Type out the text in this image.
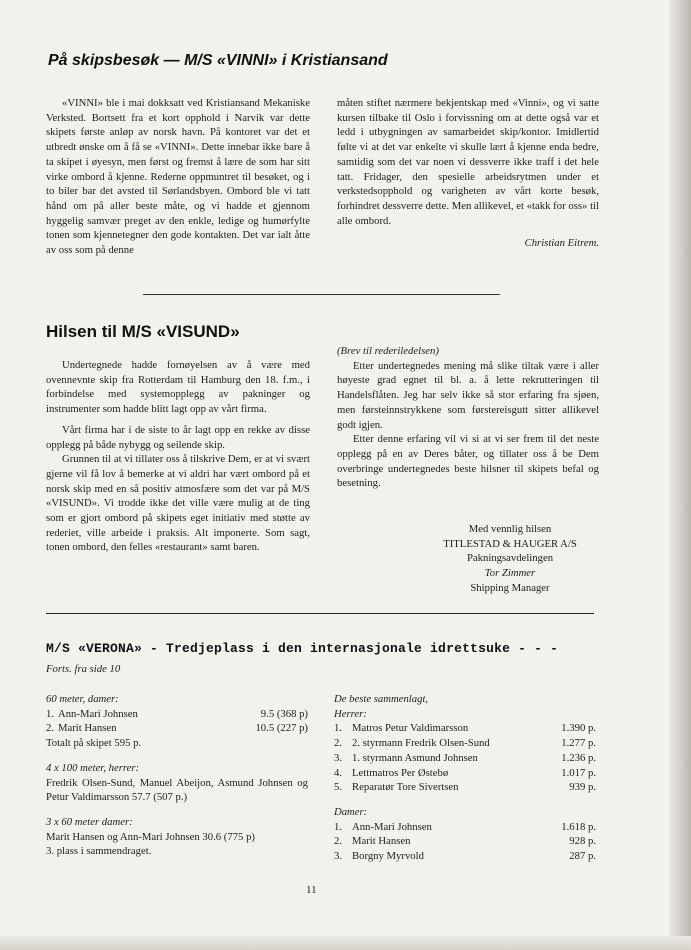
På skipsbesøk — M/S «VINNI» i Kristiansand

«VINNI» ble i mai dokksatt ved Kristiansand Mekaniske Verksted. Bortsett fra et kort opphold i Narvik var dette skipets første anløp av norsk havn. På kontoret var det et utbredt ønske om å få se «VINNI». Dette innebar ikke bare å ta skipet i øyesyn, men først og fremst å lære de som har sitt virke ombord å kjenne. Rederne oppmuntret til besøket, og i to biler bar det avsted til Sørlandsbyen. Ombord ble vi tatt hånd om på aller beste måte, og vi hadde et gjennom hyggelig samvær preget av den enkle, ledige og humørfylte tonen som kjennetegner den gode kontakten. Det var ialt åtte av oss som på denne

måten stiftet nærmere bekjentskap med «Vinni», og vi satte kursen tilbake til Oslo i forvissning om at dette også var et ledd i utbygningen av samarbeidet skip/kontor. Imidlertid følte vi at det var enkelte vi skulle lært å kjenne enda bedre, samtidig som det var noen vi dessverre ikke traff i det hele tatt. Fridager, den spesielle arbeidsrytmen under et verkstedsopphold og varigheten av vårt korte besøk, forhindret dessverre dette. Men allikevel, et «takk for oss» til alle ombord.

Christian Eitrem.

Hilsen til M/S «VISUND»

Undertegnede hadde fornøyelsen av å være med ovennevnte skip fra Rotterdam til Hamburg den 18. f.m., i forbindelse med systemopplegg av pakninger og instrumenter som hadde blitt lagt opp av vårt firma.

Vårt firma har i de siste to år lagt opp en rekke av disse opplegg på både nybygg og seilende skip.

Grunnen til at vi tillater oss å tilskrive Dem, er at vi svært gjerne vil få lov å bemerke at vi aldri har vært ombord på et norsk skip med en så positiv atmosfære som det var på M/S «VISUND». Vi trodde ikke det ville være mulig at de ting som er gjort ombord på skipets eget initiativ med støtte av rederiet, ville arbeide i praksis. Alt imponerte. Som sagt, tonen ombord, den felles «restaurant» samt baren.

(Brev til rederiledelsen)

Etter undertegnedes mening må slike tiltak være i aller høyeste grad egnet til bl. a. å lette rekrutteringen til Handelsflåten. Jeg har selv ikke så stor erfaring fra sjøen, men førsteinnstrykkene som førstereisgutt sitter allikevel godt igjen.

Etter denne erfaring vil vi si at vi ser frem til det neste opplegg på en av Deres båter, og tillater oss å be Dem overbringe undertegnedes beste hilsner til skipets befal og besetning.

Med vennlig hilsen
TITLESTAD & HAUGER A/S
Pakningsavdelingen
Tor Zimmer
Shipping Manager
M/S «VERONA» - Tredjeplass i den internasjonale idrettsuke - - -
Forts. fra side 10
60 meter, damer:
1. Ann-Mari Johnsen	9.5 (368 p)
2. Marit Hansen	10.5 (227 p)
Totalt på skipet 595 p.
4 x 100 meter, herrer:
Fredrik Olsen-Sund, Manuel Abeijon, Asmund Johnsen og Petur Valdimarsson 57.7 (507 p.)
3 x 60 meter damer:
Marit Hansen og Ann-Mari Johnsen 30.6 (775 p)
3. plass i sammendraget.
De beste sammenlagt,
Herrer:
1. Matros Petur Valdimarsson	1.390 p.
2. 2. styrmann Fredrik Olsen-Sund	1.277 p.
3. 1. styrmann Asmund Johnsen	1.236 p.
4. Lettmatros Per Østebø	1.017 p.
5. Reparatør Tore Sivertsen	939 p.
Damer:
1. Ann-Mari Johnsen	1.618 p.
2. Marit Hansen	928 p.
3. Borgny Myrvold	287 p.
11
